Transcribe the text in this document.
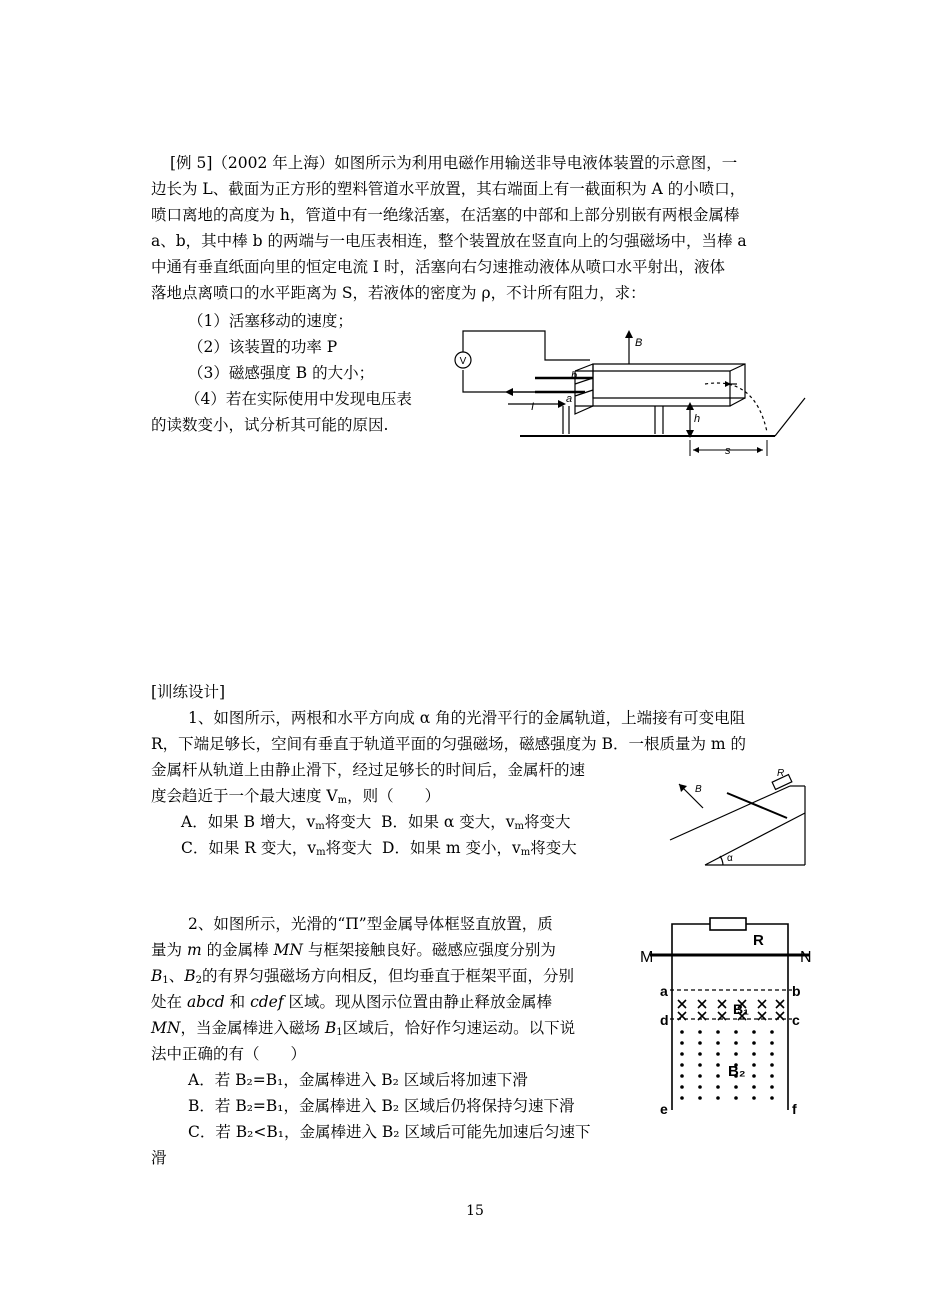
[例 5]（2002 年上海）如图所示为利用电磁作用输送非导电液体装置的示意图，一
边长为 L、截面为正方形的塑料管道水平放置，其右端面上有一截面积为 A 的小喷口，
喷口离地的高度为 h，管道中有一绝缘活塞，在活塞的中部和上部分别嵌有两根金属棒
a、b，其中棒 b 的两端与一电压表相连，整个装置放在竖直向上的匀强磁场中，当棒 a
中通有垂直纸面向里的恒定电流 I 时，活塞向右匀速推动液体从喷口水平射出，液体
落地点离喷口的水平距离为 S，若液体的密度为 ρ，不计所有阻力，求：
（1）活塞移动的速度；
（2）该装置的功率 P
（3）磁感强度 B 的大小；
（4）若在实际使用中发现电压表
的读数变小，试分析其可能的原因.
V
B
b
a
I
h
s
[训练设计]
1、如图所示，两根和水平方向成 α 角的光滑平行的金属轨道，上端接有可变电阻
R，下端足够长，空间有垂直于轨道平面的匀强磁场，磁感强度为 B．一根质量为 m 的
金属杆从轨道上由静止滑下，经过足够长的时间后，金属杆的速
度会趋近于一个最大速度 $V_m$，则（　　）
A．如果 B 增大，$v_m$将变大 B．如果 α 变大，$v_m$将变大
C．如果 R 变大，$v_m$将变大 D．如果 m 变小，$v_m$将变大
B
R
α
2、如图所示，光滑的“Π”型金属导体框竖直放置，质
量为 m 的金属棒 MN 与框架接触良好。磁感应强度分别为
$B_1$、$B_2$的有界匀强磁场方向相反，但均垂直于框架平面，分别
处在 abcd 和 cdef 区域。现从图示位置由静止释放金属棒
MN，当金属棒进入磁场 $B_1$区域后，恰好作匀速运动。以下说
法中正确的有（　　）
A．若 B₂=B₁，金属棒进入 B₂ 区域后将加速下滑
B．若 B₂=B₁，金属棒进入 B₂ 区域后仍将保持匀速下滑
C．若 B₂<B₁，金属棒进入 B₂ 区域后可能先加速后匀速下
滑
R
M	N
a	b
d	c
e	f
B₁
B₂
15
